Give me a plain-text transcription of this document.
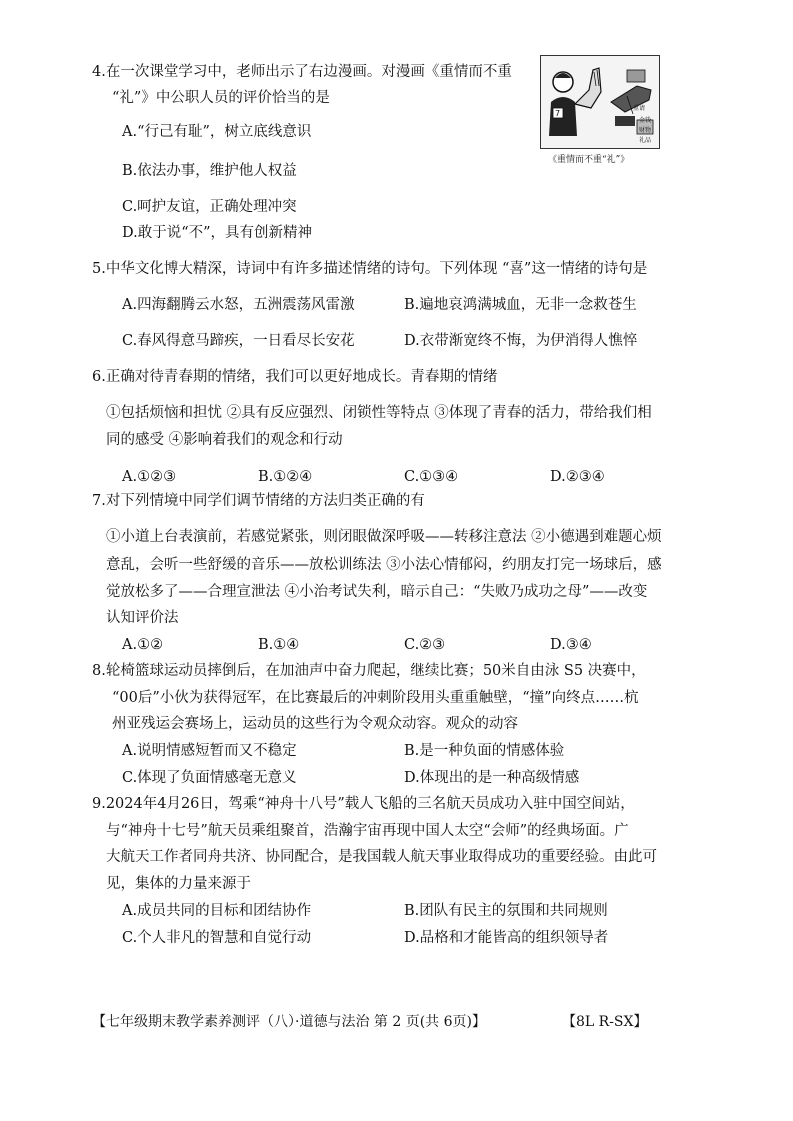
4.在一次课堂学习中，老师出示了右边漫画。对漫画《重情而不重
“礼”》中公职人员的评价恰当的是
A.“行己有耻”，树立底线意识
B.依法办事，维护他人权益
C.呵护友谊，正确处理冲突
D.敢于说“不”，具有创新精神
7
重请
金钱
财物
礼品
《重情而不重“礼”》
5.中华文化博大精深，诗词中有许多描述情绪的诗句。下列体现 “喜”这一情绪的诗句是
A.四海翻腾云水怒，五洲震荡风雷激	B.遍地哀鸿满城血，无非一念救苍生
C.春风得意马蹄疾，一日看尽长安花	D.衣带渐宽终不悔，为伊消得人憔悴
6.正确对待青春期的情绪，我们可以更好地成长。青春期的情绪
①包括烦恼和担忧 ②具有反应强烈、闭锁性等特点 ③体现了青春的活力，带给我们相
同的感受 ④影响着我们的观念和行动
A.①②③	B.①②④	C.①③④	D.②③④
7.对下列情境中同学们调节情绪的方法归类正确的有
①小道上台表演前，若感觉紧张，则闭眼做深呼吸——转移注意法 ②小德遇到难题心烦
意乱，会听一些舒缓的音乐——放松训练法 ③小法心情郁闷，约朋友打完一场球后，感
觉放松多了——合理宣泄法 ④小治考试失利，暗示自己：“失败乃成功之母”——改变
认知评价法
A.①②	B.①④	C.②③	D.③④
8.轮椅篮球运动员摔倒后，在加油声中奋力爬起，继续比赛；50米自由泳 S5 决赛中，
“00后”小伙为获得冠军，在比赛最后的冲刺阶段用头重重触壁，“撞”向终点……杭
州亚残运会赛场上，运动员的这些行为令观众动容。观众的动容
A.说明情感短暂而又不稳定	B.是一种负面的情感体验
C.体现了负面情感毫无意义	D.体现出的是一种高级情感
9.2024年4月26日，驾乘“神舟十八号”载人飞船的三名航天员成功入驻中国空间站，
与“神舟十七号”航天员乘组聚首，浩瀚宇宙再现中国人太空“会师”的经典场面。广
大航天工作者同舟共济、协同配合，是我国载人航天事业取得成功的重要经验。由此可
见，集体的力量来源于
A.成员共同的目标和团结协作	B.团队有民主的氛围和共同规则
C.个人非凡的智慧和自觉行动	D.品格和才能皆高的组织领导者
【七年级期末教学素养测评（八）·道德与法治 第 2 页(共 6页)】	【8L R-SX】
